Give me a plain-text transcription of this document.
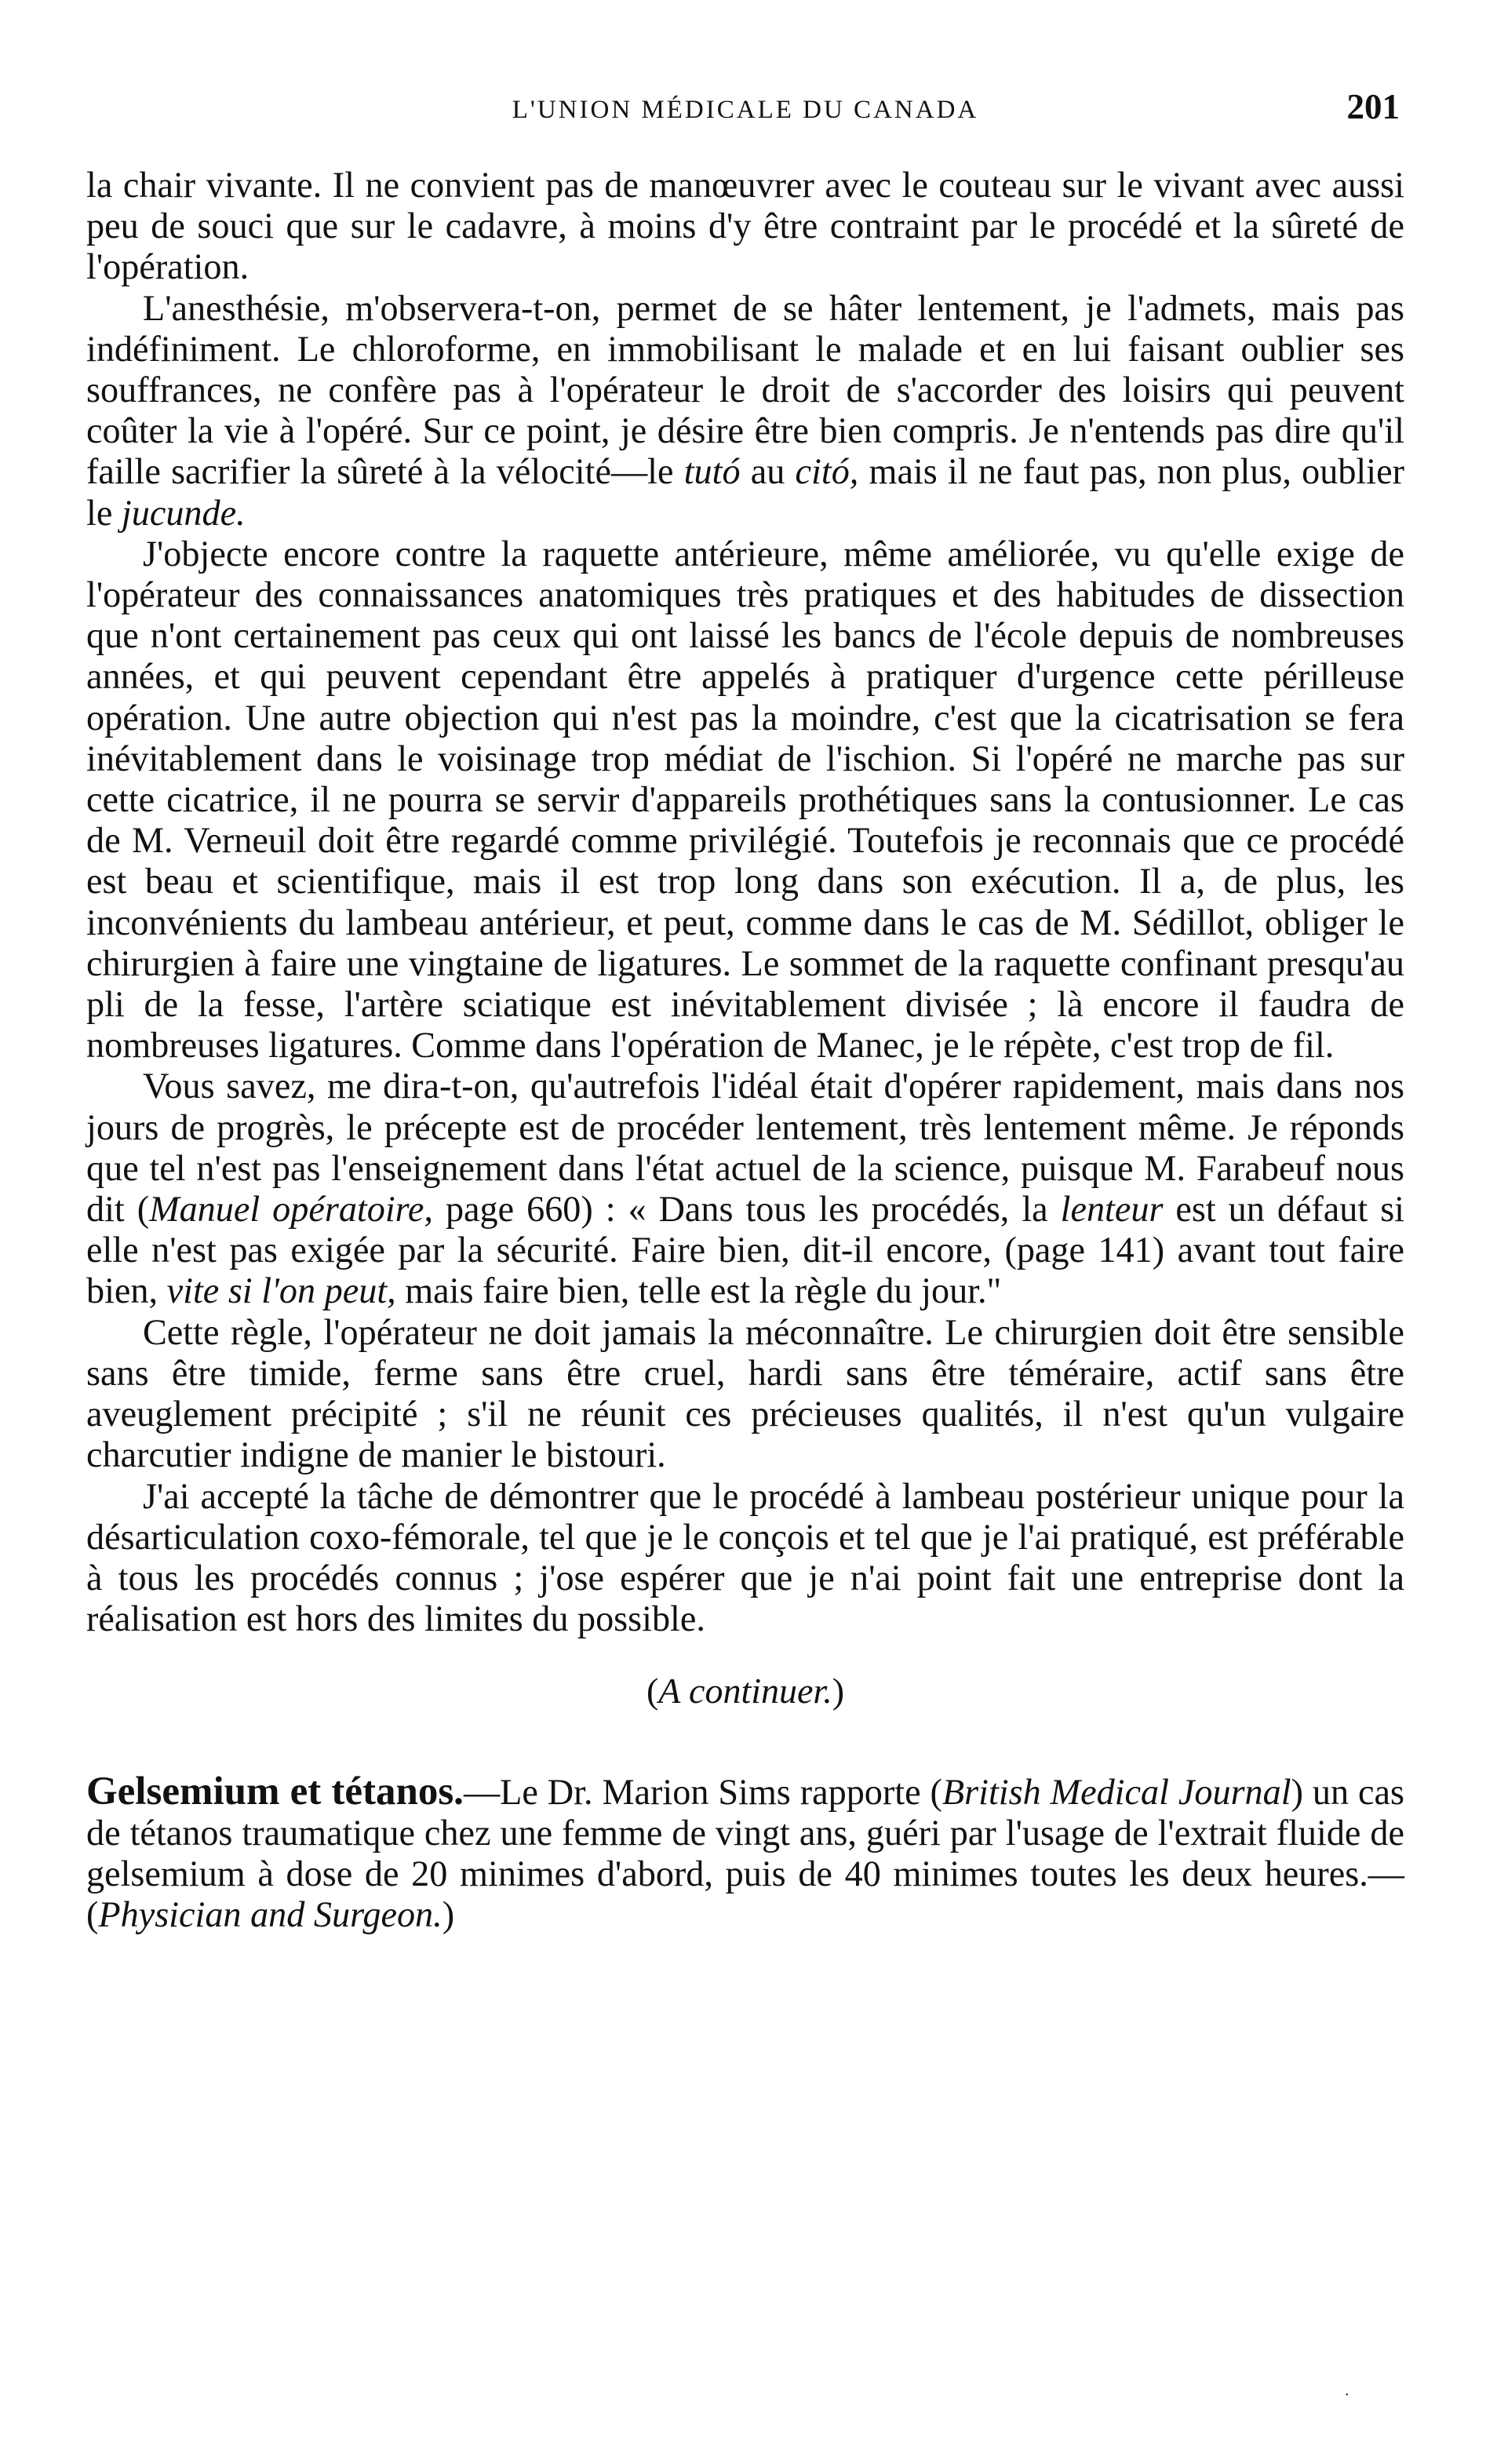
L'UNION MÉDICALE DU CANADA	201

la chair vivante. Il ne convient pas de manœuvrer avec le couteau sur le vivant avec aussi peu de souci que sur le cadavre, à moins d'y être contraint par le procédé et la sûreté de l'opération.

L'anesthésie, m'observera-t-on, permet de se hâter lentement, je l'admets, mais pas indéfiniment. Le chloroforme, en immobilisant le malade et en lui faisant oublier ses souffrances, ne confère pas à l'opérateur le droit de s'accorder des loisirs qui peuvent coûter la vie à l'opéré. Sur ce point, je désire être bien compris. Je n'entends pas dire qu'il faille sacrifier la sûreté à la vélocité—le tutó au citó, mais il ne faut pas, non plus, oublier le jucunde.

J'objecte encore contre la raquette antérieure, même améliorée, vu qu'elle exige de l'opérateur des connaissances anatomiques très pratiques et des habitudes de dissection que n'ont certainement pas ceux qui ont laissé les bancs de l'école depuis de nombreuses années, et qui peuvent cependant être appelés à pratiquer d'urgence cette périlleuse opération. Une autre objection qui n'est pas la moindre, c'est que la cicatrisation se fera inévitablement dans le voisinage trop médiat de l'ischion. Si l'opéré ne marche pas sur cette cicatrice, il ne pourra se servir d'appareils prothétiques sans la contusionner. Le cas de M. Verneuil doit être regardé comme privilégié. Toutefois je reconnais que ce procédé est beau et scientifique, mais il est trop long dans son exécution. Il a, de plus, les inconvénients du lambeau antérieur, et peut, comme dans le cas de M. Sédillot, obliger le chirurgien à faire une vingtaine de ligatures. Le sommet de la raquette confinant presqu'au pli de la fesse, l'artère sciatique est inévitablement divisée ; là encore il faudra de nombreuses ligatures. Comme dans l'opération de Manec, je le répète, c'est trop de fil.

Vous savez, me dira-t-on, qu'autrefois l'idéal était d'opérer rapidement, mais dans nos jours de progrès, le précepte est de procéder lentement, très lentement même. Je réponds que tel n'est pas l'enseignement dans l'état actuel de la science, puisque M. Farabeuf nous dit (Manuel opératoire, page 660) : « Dans tous les procédés, la lenteur est un défaut si elle n'est pas exigée par la sécurité. Faire bien, dit-il encore, (page 141) avant tout faire bien, vite si l'on peut, mais faire bien, telle est la règle du jour."

Cette règle, l'opérateur ne doit jamais la méconnaître. Le chirurgien doit être sensible sans être timide, ferme sans être cruel, hardi sans être téméraire, actif sans être aveuglement précipité ; s'il ne réunit ces précieuses qualités, il n'est qu'un vulgaire charcutier indigne de manier le bistouri.

J'ai accepté la tâche de démontrer que le procédé à lambeau postérieur unique pour la désarticulation coxo-fémorale, tel que je le conçois et tel que je l'ai pratiqué, est préférable à tous les procédés connus ; j'ose espérer que je n'ai point fait une entreprise dont la réalisation est hors des limites du possible.

(A continuer.)
Gelsemium et tétanos.—Le Dr. Marion Sims rapporte (British Medical Journal) un cas de tétanos traumatique chez une femme de vingt ans, guéri par l'usage de l'extrait fluide de gelsemium à dose de 20 minimes d'abord, puis de 40 minimes toutes les deux heures.—(Physician and Surgeon.)
·
